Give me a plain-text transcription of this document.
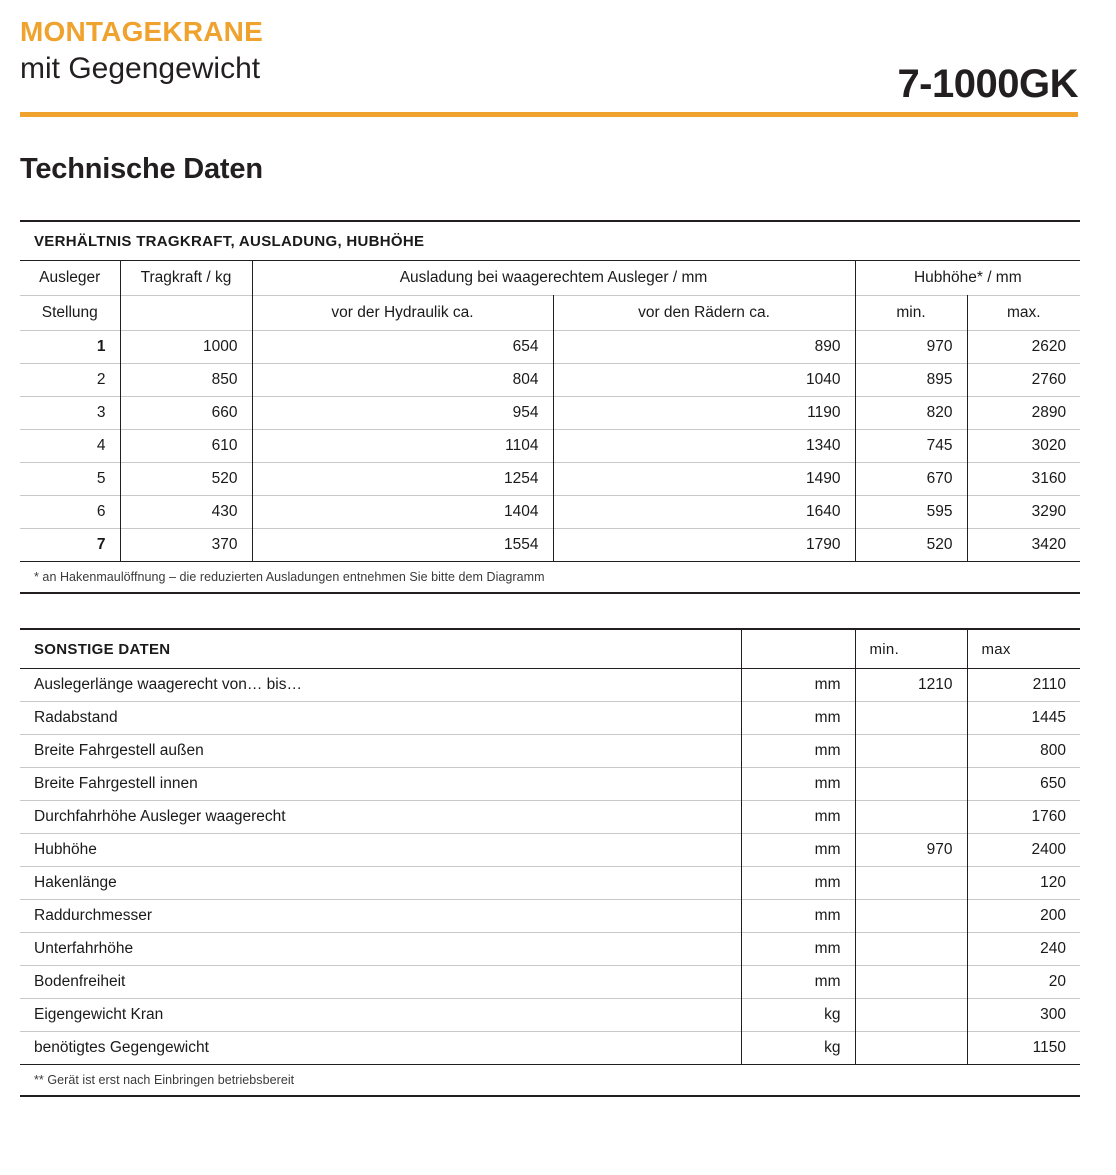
MONTAGEKRANE
mit Gegengewicht	7-1000GK
Technische Daten
VERHÄLTNIS TRAGKRAFT, AUSLADUNG, HUBHÖHE					
Ausleger	Tragkraft / kg	Ausladung bei waagerechtem Ausleger / mm		Hubhöhe* / mm	
Stellung		vor der Hydraulik ca.	vor den Rädern ca.	min.	max.
1	1000	654	890	970	2620
2	850	804	1040	895	2760
3	660	954	1190	820	2890
4	610	1104	1340	745	3020
5	520	1254	1490	670	3160
6	430	1404	1640	595	3290
7	370	1554	1790	520	3420
* an Hakenmaulöffnung – die reduzierten Ausladungen entnehmen Sie bitte dem Diagramm					
SONSTIGE DATEN		min.	max
Auslegerlänge waagerecht von… bis…	mm	1210	2110
Radabstand	mm		1445
Breite Fahrgestell außen	mm		800
Breite Fahrgestell innen	mm		650
Durchfahrhöhe Ausleger waagerecht	mm		1760
Hubhöhe	mm	970	2400
Hakenlänge	mm		120
Raddurchmesser	mm		200
Unterfahrhöhe	mm		240
Bodenfreiheit	mm		20
Eigengewicht Kran	kg		300
benötigtes Gegengewicht	kg		1150
** Gerät ist erst nach Einbringen betriebsbereit			
